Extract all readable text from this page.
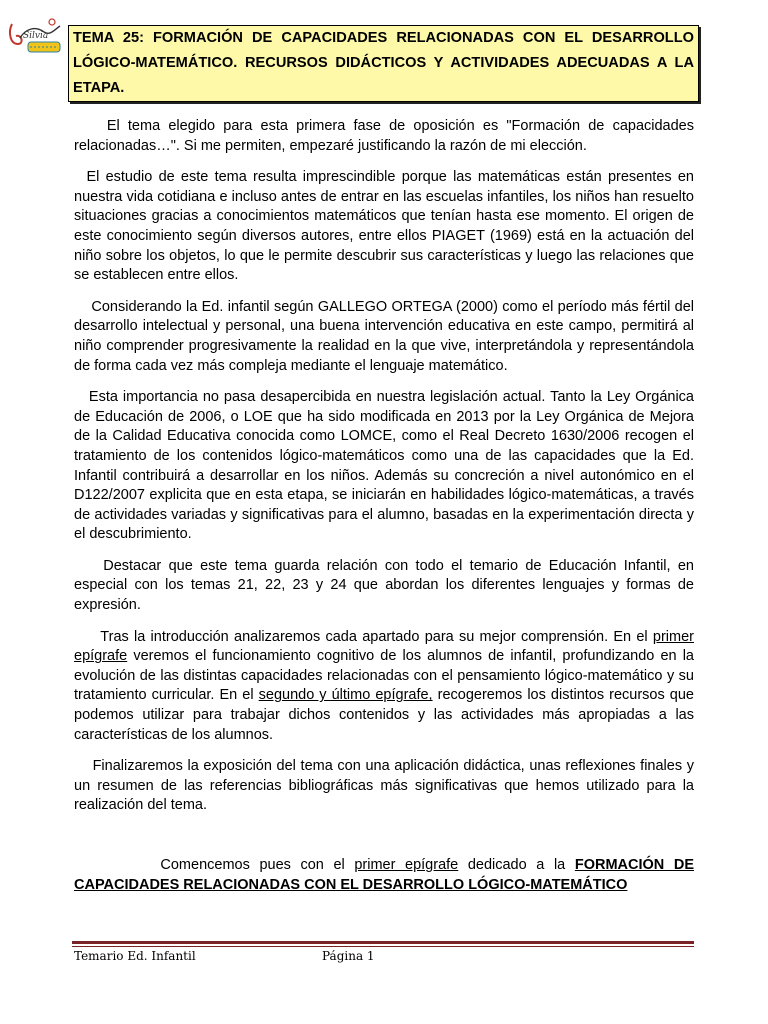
Silvia	TEMA 25: FORMACIÓN DE CAPACIDADES RELACIONADAS CON EL DESARROLLO LÓGICO-MATEMÁTICO. RECURSOS DIDÁCTICOS Y ACTIVIDADES ADECUADAS A LA ETAPA.

El tema elegido para esta primera fase de oposición es "Formación de capacidades relacionadas…". Si me permiten, empezaré justificando la razón de mi elección.

El estudio de este tema resulta imprescindible porque las matemáticas están presentes en nuestra vida cotidiana e incluso antes de entrar en las escuelas infantiles, los niños han resuelto situaciones gracias a conocimientos matemáticos que tenían hasta ese momento. El origen de este conocimiento según diversos autores, entre ellos PIAGET (1969) está en la actuación del niño sobre los objetos, lo que le permite descubrir sus características y luego las relaciones que se establecen entre ellos.

Considerando la Ed. infantil según GALLEGO ORTEGA (2000) como el período más fértil del desarrollo intelectual y personal, una buena intervención educativa en este campo, permitirá al niño comprender progresivamente la realidad en la que vive, interpretándola y representándola de forma cada vez más compleja mediante el lenguaje matemático.

Esta importancia no pasa desapercibida en nuestra legislación actual. Tanto la Ley Orgánica de Educación de 2006, o LOE que ha sido modificada en 2013 por la Ley Orgánica de Mejora de la Calidad Educativa conocida como LOMCE, como el Real Decreto 1630/2006 recogen el tratamiento de los contenidos lógico-matemáticos como una de las capacidades que la Ed. Infantil contribuirá a desarrollar en los niños. Además su concreción a nivel autonómico en el D122/2007 explicita que en esta etapa, se iniciarán en habilidades lógico-matemáticas, a través de actividades variadas y significativas para el alumno, basadas en la experimentación directa y el descubrimiento.

Destacar que este tema guarda relación con todo el temario de Educación Infantil, en especial con los temas 21, 22, 23 y 24 que abordan los diferentes lenguajes y formas de expresión.

Tras la introducción analizaremos cada apartado para su mejor comprensión. En el primer epígrafe veremos el funcionamiento cognitivo de los alumnos de infantil, profundizando en la evolución de las distintas capacidades relacionadas con el pensamiento lógico-matemático y su tratamiento curricular. En el segundo y último epígrafe, recogeremos los distintos recursos que podemos utilizar para trabajar dichos contenidos y las actividades más apropiadas a las características de los alumnos.

Finalizaremos la exposición del tema con una aplicación didáctica, unas reflexiones finales y un resumen de las referencias bibliográficas más significativas que hemos utilizado para la realización del tema.

Comencemos pues con el primer epígrafe dedicado a la FORMACIÓN DE CAPACIDADES RELACIONADAS CON EL DESARROLLO LÓGICO-MATEMÁTICO

Temario Ed. Infantil	Página 1
